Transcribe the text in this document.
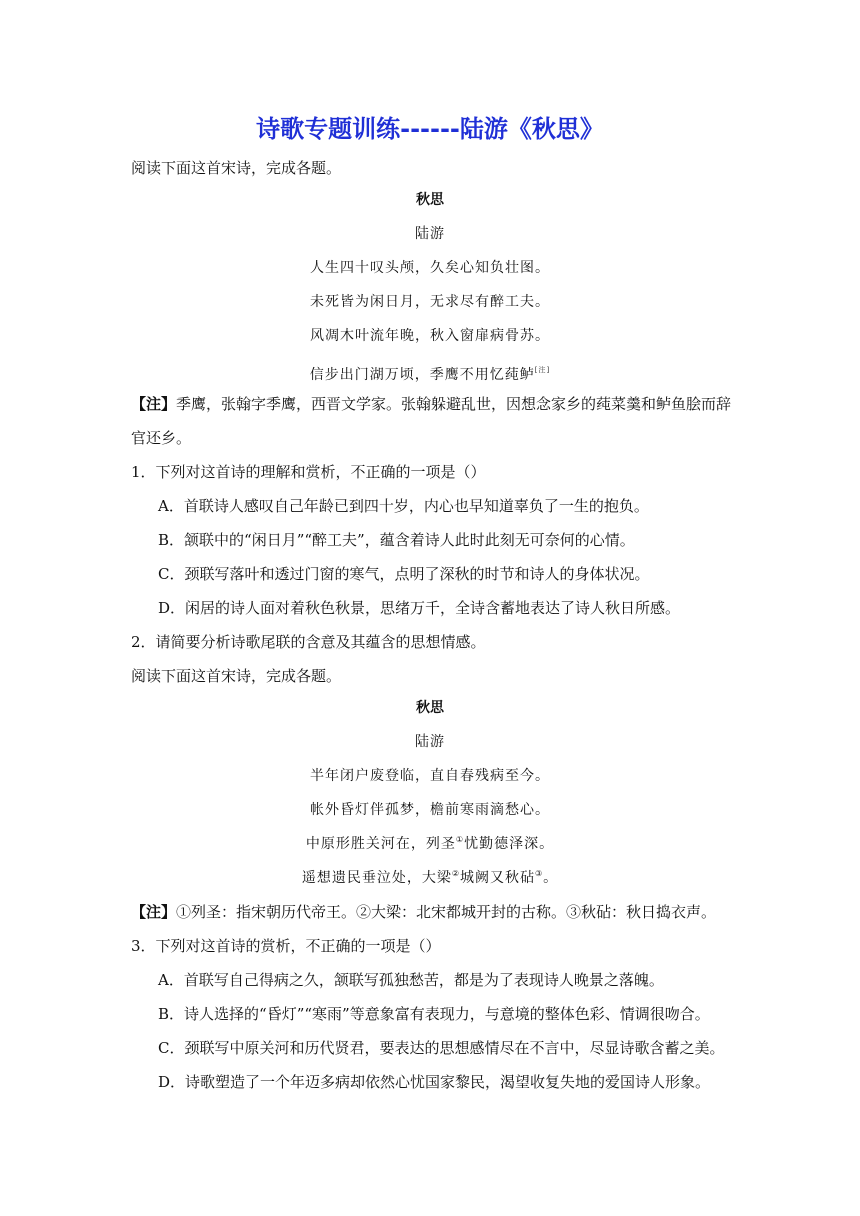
诗歌专题训练------陆游《秋思》
阅读下面这首宋诗，完成各题。
秋思
陆游
人生四十叹头颅，久矣心知负壮图。
未死皆为闲日月，无求尽有醉工夫。
风凋木叶流年晚，秋入窗扉病骨苏。
信步出门湖万顷，季鹰不用忆莼鲈[注]
【注】季鹰，张翰字季鹰，西晋文学家。张翰躲避乱世，因想念家乡的莼菜羹和鲈鱼脍而辞
官还乡。
1．下列对这首诗的理解和赏析，不正确的一项是（）
A．首联诗人感叹自己年龄已到四十岁，内心也早知道辜负了一生的抱负。
B．颔联中的“闲日月”“醉工夫”，蕴含着诗人此时此刻无可奈何的心情。
C．颈联写落叶和透过门窗的寒气，点明了深秋的时节和诗人的身体状况。
D．闲居的诗人面对着秋色秋景，思绪万千，全诗含蓄地表达了诗人秋日所感。
2．请简要分析诗歌尾联的含意及其蕴含的思想情感。
阅读下面这首宋诗，完成各题。
秋思
陆游
半年闭户废登临，直自春残病至今。
帐外昏灯伴孤梦，檐前寒雨滴愁心。
中原形胜关河在，列圣①忧勤德泽深。
遥想遗民垂泣处，大梁②城阙又秋砧③。
【注】①列圣：指宋朝历代帝王。②大梁：北宋都城开封的古称。③秋砧：秋日捣衣声。
3．下列对这首诗的赏析，不正确的一项是（）
A．首联写自己得病之久，颔联写孤独愁苦，都是为了表现诗人晚景之落魄。
B．诗人选择的“昏灯”“寒雨”等意象富有表现力，与意境的整体色彩、情调很吻合。
C．颈联写中原关河和历代贤君，要表达的思想感情尽在不言中，尽显诗歌含蓄之美。
D．诗歌塑造了一个年迈多病却依然心忧国家黎民，渴望收复失地的爱国诗人形象。
